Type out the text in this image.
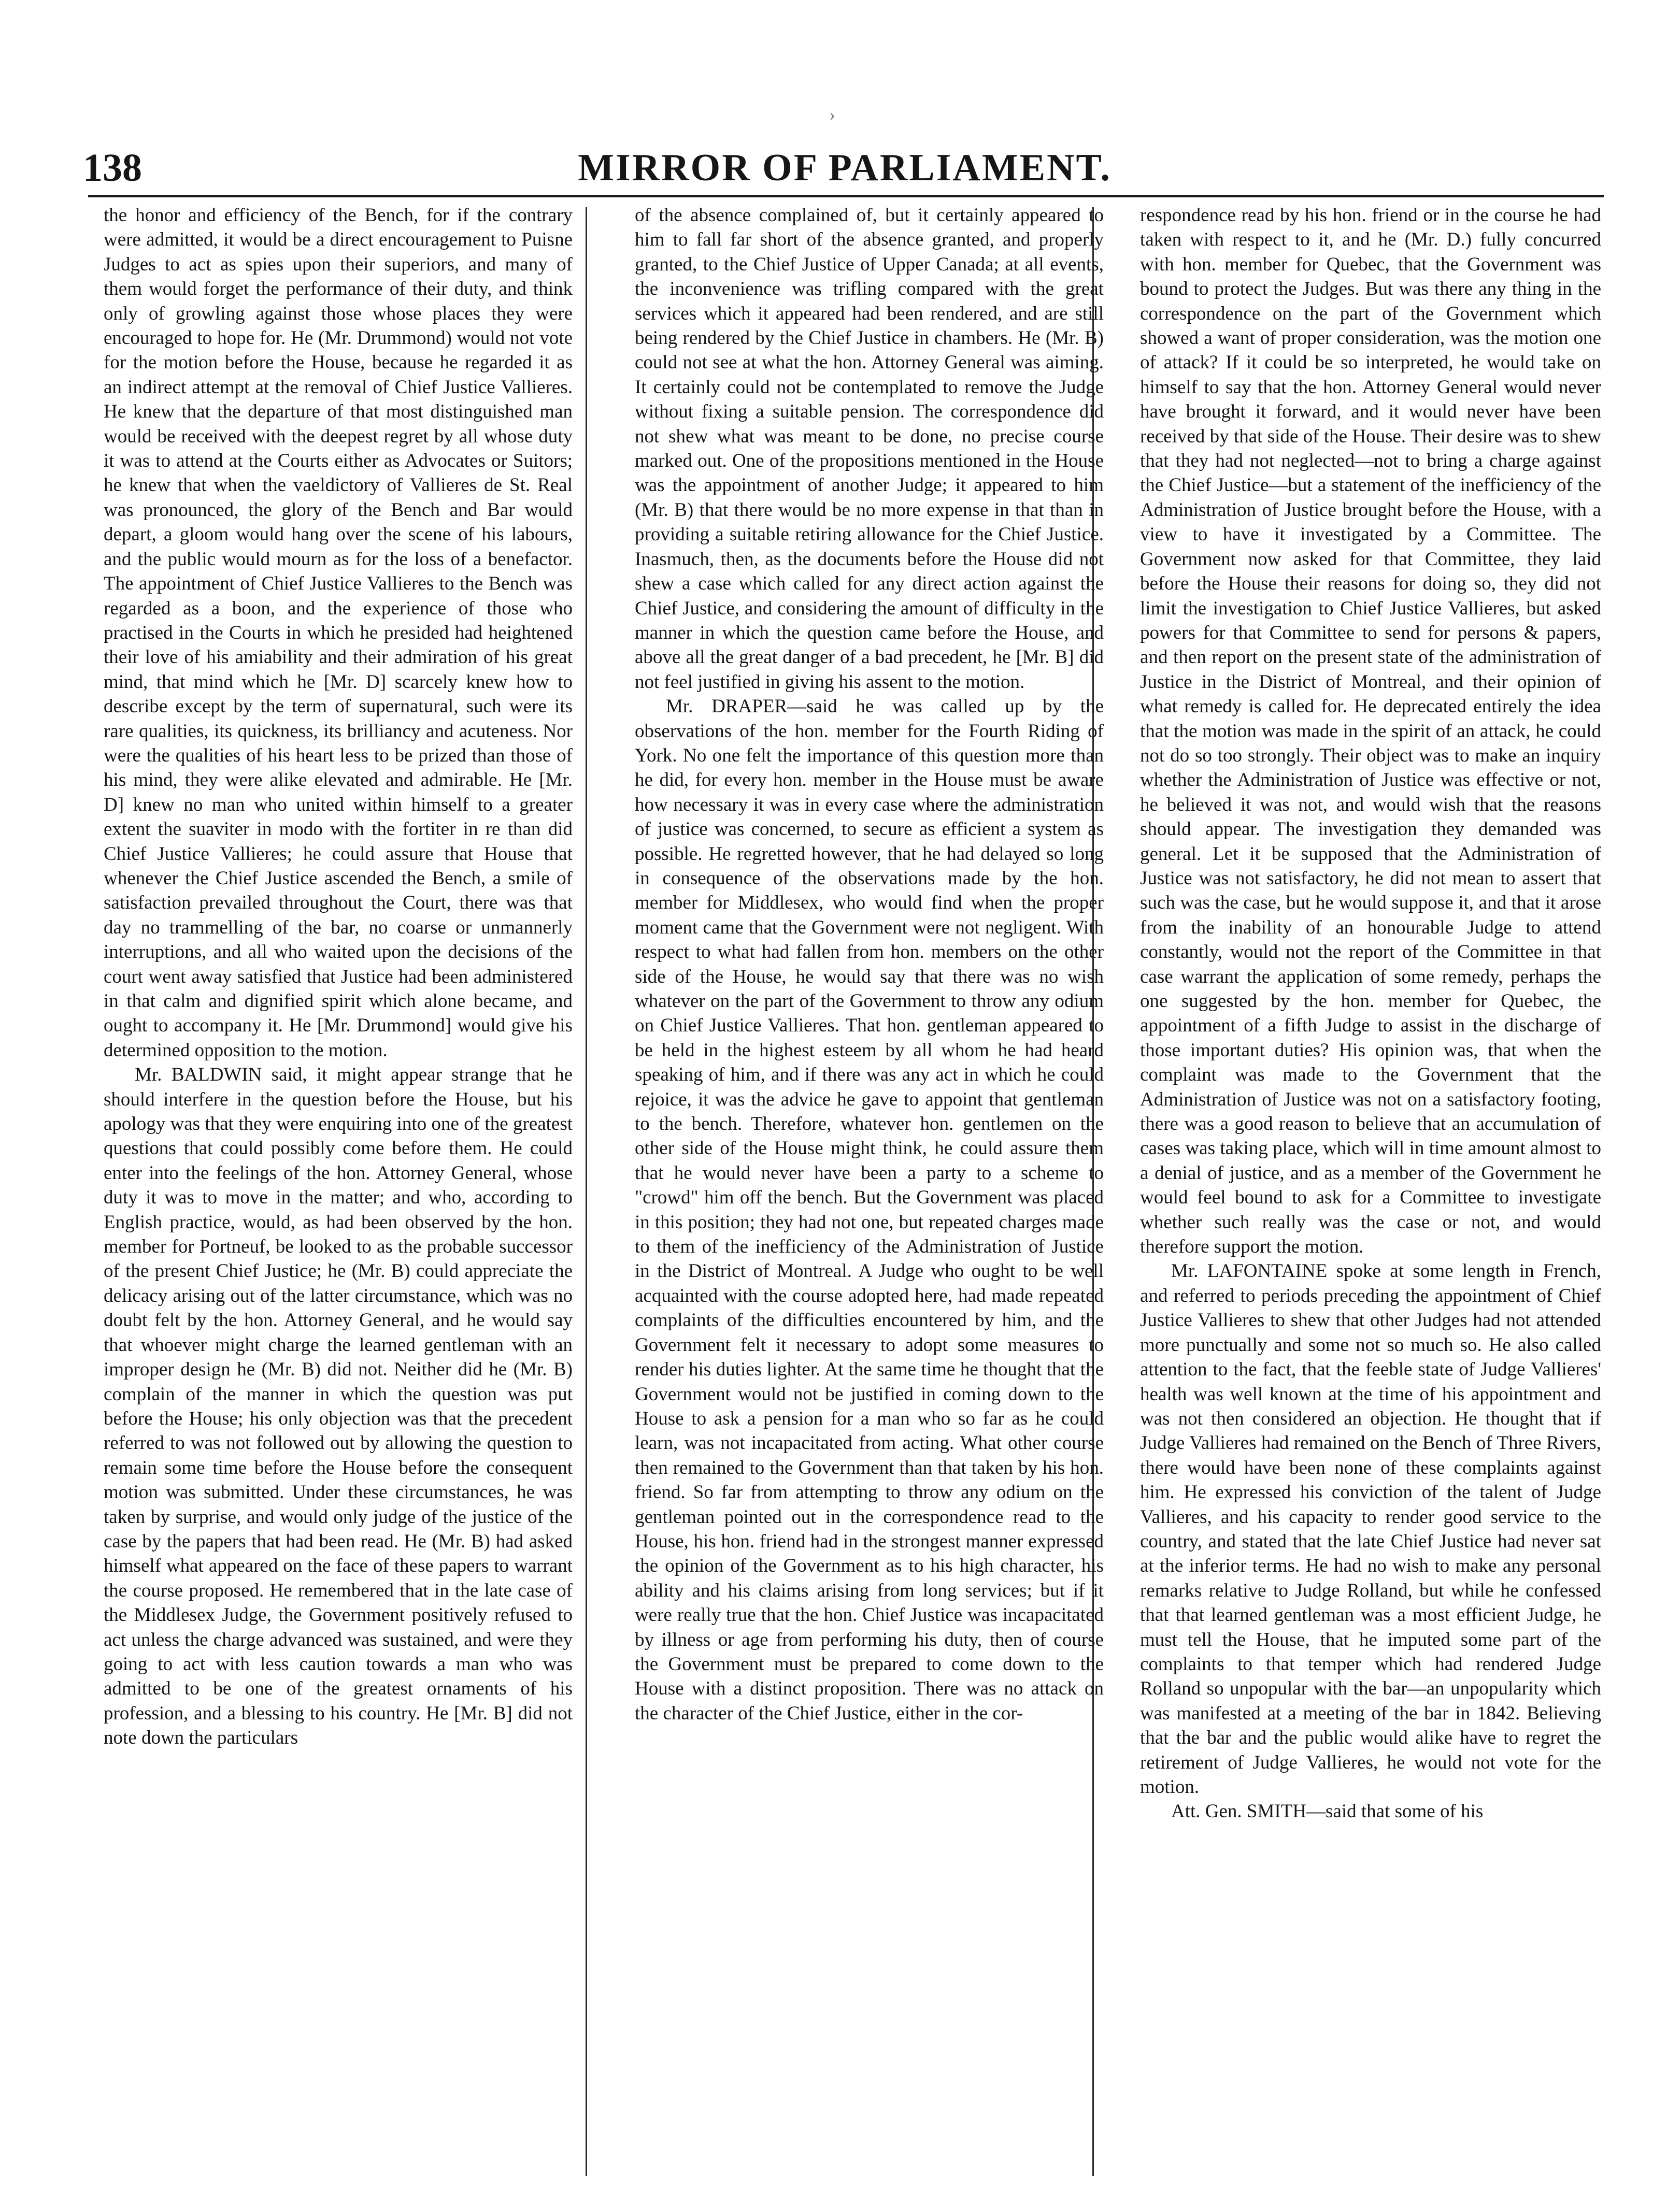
›
138	MIRROR OF PARLIAMENT.

the honor and efficiency of the Bench, for if the contrary were admitted, it would be a direct encouragement to Puisne Judges to act as spies upon their superiors, and many of them would forget the performance of their duty, and think only of growling against those whose places they were encouraged to hope for. He (Mr. Drummond) would not vote for the motion before the House, because he regarded it as an indirect attempt at the removal of Chief Justice Vallieres. He knew that the departure of that most distinguished man would be received with the deepest regret by all whose duty it was to attend at the Courts either as Advocates or Suitors; he knew that when the vaeldictory of Vallieres de St. Real was pronounced, the glory of the Bench and Bar would depart, a gloom would hang over the scene of his labours, and the public would mourn as for the loss of a benefactor. The appointment of Chief Justice Vallieres to the Bench was regarded as a boon, and the experience of those who practised in the Courts in which he presided had heightened their love of his amiability and their admiration of his great mind, that mind which he [Mr. D] scarcely knew how to describe except by the term of supernatural, such were its rare qualities, its quickness, its brilliancy and acuteness. Nor were the qualities of his heart less to be prized than those of his mind, they were alike elevated and admirable. He [Mr. D] knew no man who united within himself to a greater extent the suaviter in modo with the fortiter in re than did Chief Justice Vallieres; he could assure that House that whenever the Chief Justice ascended the Bench, a smile of satisfaction prevailed throughout the Court, there was that day no trammelling of the bar, no coarse or unmannerly interruptions, and all who waited upon the decisions of the court went away satisfied that Justice had been administered in that calm and dignified spirit which alone became, and ought to accompany it. He [Mr. Drummond] would give his determined opposition to the motion.

Mr. BALDWIN said, it might appear strange that he should interfere in the question before the House, but his apology was that they were enquiring into one of the greatest questions that could possibly come before them. He could enter into the feelings of the hon. Attorney General, whose duty it was to move in the matter; and who, according to English practice, would, as had been observed by the hon. member for Portneuf, be looked to as the probable successor of the present Chief Justice; he (Mr. B) could appreciate the delicacy arising out of the latter circumstance, which was no doubt felt by the hon. Attorney General, and he would say that whoever might charge the learned gentleman with an improper design he (Mr. B) did not. Neither did he (Mr. B) complain of the manner in which the question was put before the House; his only objection was that the precedent referred to was not followed out by allowing the question to remain some time before the House before the consequent motion was submitted. Under these circumstances, he was taken by surprise, and would only judge of the justice of the case by the papers that had been read. He (Mr. B) had asked himself what appeared on the face of these papers to warrant the course proposed. He remembered that in the late case of the Middlesex Judge, the Government positively refused to act unless the charge advanced was sustained, and were they going to act with less caution towards a man who was admitted to be one of the greatest ornaments of his profession, and a blessing to his country. He [Mr. B] did not note down the particulars

of the absence complained of, but it certainly appeared to him to fall far short of the absence granted, and properly granted, to the Chief Justice of Upper Canada; at all events, the inconvenience was trifling compared with the great services which it appeared had been rendered, and are still being rendered by the Chief Justice in chambers. He (Mr. B) could not see at what the hon. Attorney General was aiming. It certainly could not be contemplated to remove the Judge without fixing a suitable pension. The correspondence did not shew what was meant to be done, no precise course marked out. One of the propositions mentioned in the House was the appointment of another Judge; it appeared to him (Mr. B) that there would be no more expense in that than in providing a suitable retiring allowance for the Chief Justice. Inasmuch, then, as the documents before the House did not shew a case which called for any direct action against the Chief Justice, and considering the amount of difficulty in the manner in which the question came before the House, and above all the great danger of a bad precedent, he [Mr. B] did not feel justified in giving his assent to the motion.

Mr. DRAPER—said he was called up by the observations of the hon. member for the Fourth Riding of York. No one felt the importance of this question more than he did, for every hon. member in the House must be aware how necessary it was in every case where the administration of justice was concerned, to secure as efficient a system as possible. He regretted however, that he had delayed so long in consequence of the observations made by the hon. member for Middlesex, who would find when the proper moment came that the Government were not negligent. With respect to what had fallen from hon. members on the other side of the House, he would say that there was no wish whatever on the part of the Government to throw any odium on Chief Justice Vallieres. That hon. gentleman appeared to be held in the highest esteem by all whom he had heard speaking of him, and if there was any act in which he could rejoice, it was the advice he gave to appoint that gentleman to the bench. Therefore, whatever hon. gentlemen on the other side of the House might think, he could assure them that he would never have been a party to a scheme to "crowd" him off the bench. But the Government was placed in this position; they had not one, but repeated charges made to them of the inefficiency of the Administration of Justice in the District of Montreal. A Judge who ought to be well acquainted with the course adopted here, had made repeated complaints of the difficulties encountered by him, and the Government felt it necessary to adopt some measures to render his duties lighter. At the same time he thought that the Government would not be justified in coming down to the House to ask a pension for a man who so far as he could learn, was not incapacitated from acting. What other course then remained to the Government than that taken by his hon. friend. So far from attempting to throw any odium on the gentleman pointed out in the correspondence read to the House, his hon. friend had in the strongest manner expressed the opinion of the Government as to his high character, his ability and his claims arising from long services; but if it were really true that the hon. Chief Justice was incapacitated by illness or age from performing his duty, then of course the Government must be prepared to come down to the House with a distinct proposition. There was no attack on the character of the Chief Justice, either in the cor-

respondence read by his hon. friend or in the course he had taken with respect to it, and he (Mr. D.) fully concurred with hon. member for Quebec, that the Government was bound to protect the Judges. But was there any thing in the correspondence on the part of the Government which showed a want of proper consideration, was the motion one of attack? If it could be so interpreted, he would take on himself to say that the hon. Attorney General would never have brought it forward, and it would never have been received by that side of the House. Their desire was to shew that they had not neglected—not to bring a charge against the Chief Justice—but a statement of the inefficiency of the Administration of Justice brought before the House, with a view to have it investigated by a Committee. The Government now asked for that Committee, they laid before the House their reasons for doing so, they did not limit the investigation to Chief Justice Vallieres, but asked powers for that Committee to send for persons & papers, and then report on the present state of the administration of Justice in the District of Montreal, and their opinion of what remedy is called for. He deprecated entirely the idea that the motion was made in the spirit of an attack, he could not do so too strongly. Their object was to make an inquiry whether the Administration of Justice was effective or not, he believed it was not, and would wish that the reasons should appear. The investigation they demanded was general. Let it be supposed that the Administration of Justice was not satisfactory, he did not mean to assert that such was the case, but he would suppose it, and that it arose from the inability of an honourable Judge to attend constantly, would not the report of the Committee in that case warrant the application of some remedy, perhaps the one suggested by the hon. member for Quebec, the appointment of a fifth Judge to assist in the discharge of those important duties? His opinion was, that when the complaint was made to the Government that the Administration of Justice was not on a satisfactory footing, there was a good reason to believe that an accumulation of cases was taking place, which will in time amount almost to a denial of justice, and as a member of the Government he would feel bound to ask for a Committee to investigate whether such really was the case or not, and would therefore support the motion.

Mr. LAFONTAINE spoke at some length in French, and referred to periods preceding the appointment of Chief Justice Vallieres to shew that other Judges had not attended more punctually and some not so much so. He also called attention to the fact, that the feeble state of Judge Vallieres' health was well known at the time of his appointment and was not then considered an objection. He thought that if Judge Vallieres had remained on the Bench of Three Rivers, there would have been none of these complaints against him. He expressed his conviction of the talent of Judge Vallieres, and his capacity to render good service to the country, and stated that the late Chief Justice had never sat at the inferior terms. He had no wish to make any personal remarks relative to Judge Rolland, but while he confessed that that learned gentleman was a most efficient Judge, he must tell the House, that he imputed some part of the complaints to that temper which had rendered Judge Rolland so unpopular with the bar—an unpopularity which was manifested at a meeting of the bar in 1842. Believing that the bar and the public would alike have to regret the retirement of Judge Vallieres, he would not vote for the motion.

Att. Gen. SMITH—said that some of his
